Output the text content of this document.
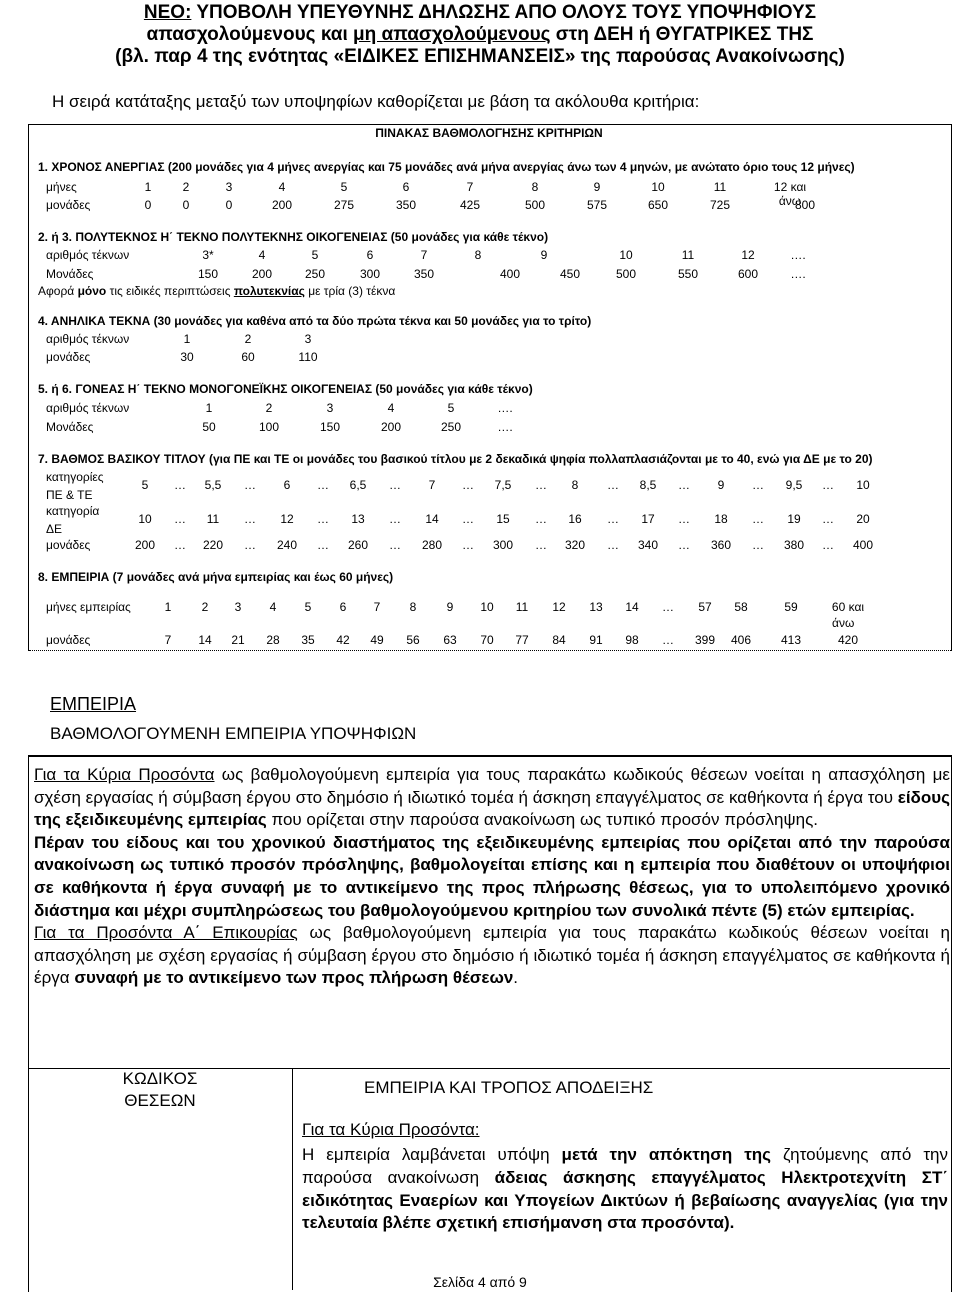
ΝΕΟ: ΥΠΟΒΟΛΗ ΥΠΕΥΘΥΝΗΣ ΔΗΛΩΣΗΣ ΑΠΟ ΟΛΟΥΣ ΤΟΥΣ ΥΠΟΨΗΦΙΟΥΣ
απασχολούμενους και μη απασχολούμενους στη ΔΕΗ ή ΘΥΓΑΤΡΙΚΕΣ ΤΗΣ
(βλ. παρ 4 της ενότητας «ΕΙΔΙΚΕΣ ΕΠΙΣΗΜΑΝΣΕΙΣ» της παρούσας Ανακοίνωσης)
Η σειρά κατάταξης μεταξύ των υποψηφίων καθορίζεται με βάση τα ακόλουθα κριτήρια:
ΠΙΝΑΚΑΣ ΒΑΘΜΟΛΟΓΗΣΗΣ ΚΡΙΤΗΡΙΩΝ
1. ΧΡΟΝΟΣ ΑΝΕΡΓΙΑΣ (200 μονάδες για 4 μήνες ανεργίας και 75 μονάδες ανά μήνα ανεργίας άνω των 4 μηνών, με ανώτατο όριο τους 12 μήνες)
μήνες	1	2	3	4	5	6	7	8	9	10	11	12 και άνω
μονάδες	0	0	0	200	275	350	425	500	575	650	725	800
2. ή 3. ΠΟΛΥΤΕΚΝΟΣ Η΄ ΤΕΚΝΟ ΠΟΛΥΤΕΚΝΗΣ ΟΙΚΟΓΕΝΕΙΑΣ (50 μονάδες για κάθε τέκνο)
αριθμός τέκνων	3*	4	5	6	7	8	9	10	11	12	….
Μονάδες	150	200	250	300	350	400	450	500	550	600	….
Αφορά μόνο τις ειδικές περιπτώσεις πολυτεκνίας με τρία (3) τέκνα
4. ΑΝΗΛΙΚΑ ΤΕΚΝΑ (30 μονάδες για καθένα από τα δύο πρώτα τέκνα και 50 μονάδες για το τρίτο)
αριθμός τέκνων	1	2	3
μονάδες	30	60	110
5. ή 6. ΓΟΝΕΑΣ Η΄ ΤΕΚΝΟ ΜΟΝΟΓΟΝΕΪΚΗΣ ΟΙΚΟΓΕΝΕΙΑΣ (50 μονάδες για κάθε τέκνο)
αριθμός τέκνων	1	2	3	4	5	….
Μονάδες	50	100	150	200	250	….
7. ΒΑΘΜΟΣ ΒΑΣΙΚΟΥ ΤΙΤΛΟΥ (για ΠΕ και ΤΕ οι μονάδες του βασικού τίτλου με 2 δεκαδικά ψηφία πολλαπλασιάζονται με το 40, ενώ για ΔΕ με το 20)
κατηγορίες
ΠΕ & ΤΕ
5	…	5,5	…	6	…	6,5	…	7	…	7,5	…	8	…	8,5	…	9	…	9,5	…	10
κατηγορία
ΔΕ
10	…	11	…	12	…	13	…	14	…	15	…	16	…	17	…	18	…	19	…	20
μονάδες	200	…	220	…	240	…	260	…	280	…	300	…	320	…	340	…	360	…	380	…	400
8. ΕΜΠΕΙΡΙΑ (7 μονάδες ανά μήνα εμπειρίας και έως 60 μήνες)
μήνες εμπειρίας	1	2	3	4	5	6	7	8	9	10	11	12	13	14	…	57	58	59	60 και
άνω
μονάδες	7	14	21	28	35	42	49	56	63	70	77	84	91	98	…	399	406	413	420
ΕΜΠΕΙΡΙΑ
ΒΑΘΜΟΛΟΓΟΥΜΕΝΗ ΕΜΠΕΙΡΙΑ ΥΠΟΨΗΦΙΩΝ

Για τα Κύρια Προσόντα ως βαθμολογούμενη εμπειρία για τους παρακάτω κωδικούς θέσεων νοείται η απασχόληση με σχέση εργασίας ή σύμβαση έργου στο δημόσιο ή ιδιωτικό τομέα ή άσκηση επαγγέλματος σε καθήκοντα ή έργα του είδους της εξειδικευμένης εμπειρίας που ορίζεται στην παρούσα ανακοίνωση ως τυπικό προσόν πρόσληψης.

Πέραν του είδους και του χρονικού διαστήματος της εξειδικευμένης εμπειρίας που ορίζεται από την παρούσα ανακοίνωση ως τυπικό προσόν πρόσληψης, βαθμολογείται επίσης και η εμπειρία που διαθέτουν οι υποψήφιοι σε καθήκοντα ή έργα συναφή με το αντικείμενο της προς πλήρωσης θέσεως, για το υπολειπόμενο χρονικό διάστημα και μέχρι συμπληρώσεως του βαθμολογούμενου κριτηρίου των συνολικά πέντε (5) ετών εμπειρίας.

Για τα Προσόντα Α΄ Επικουρίας ως βαθμολογούμενη εμπειρία για τους παρακάτω κωδικούς θέσεων νοείται η απασχόληση με σχέση εργασίας ή σύμβαση έργου στο δημόσιο ή ιδιωτικό τομέα ή άσκηση επαγγέλματος σε καθήκοντα ή έργα συναφή με το αντικείμενο των προς πλήρωση θέσεων.

ΚΩΔΙΚΟΣ
ΘΕΣΕΩΝ
ΕΜΠΕΙΡΙΑ ΚΑΙ ΤΡΟΠΟΣ ΑΠΟΔΕΙΞΗΣ
Για τα Κύρια Προσόντα:
Η εμπειρία λαμβάνεται υπόψη μετά την απόκτηση της ζητούμενης από την παρούσα ανακοίνωση άδειας άσκησης επαγγέλματος Ηλεκτροτεχνίτη ΣΤ΄ ειδικότητας Εναερίων και Υπογείων Δικτύων ή βεβαίωσης αναγγελίας (για την τελευταία βλέπε σχετική επισήμανση στα προσόντα).
Σελίδα 4 από 9
